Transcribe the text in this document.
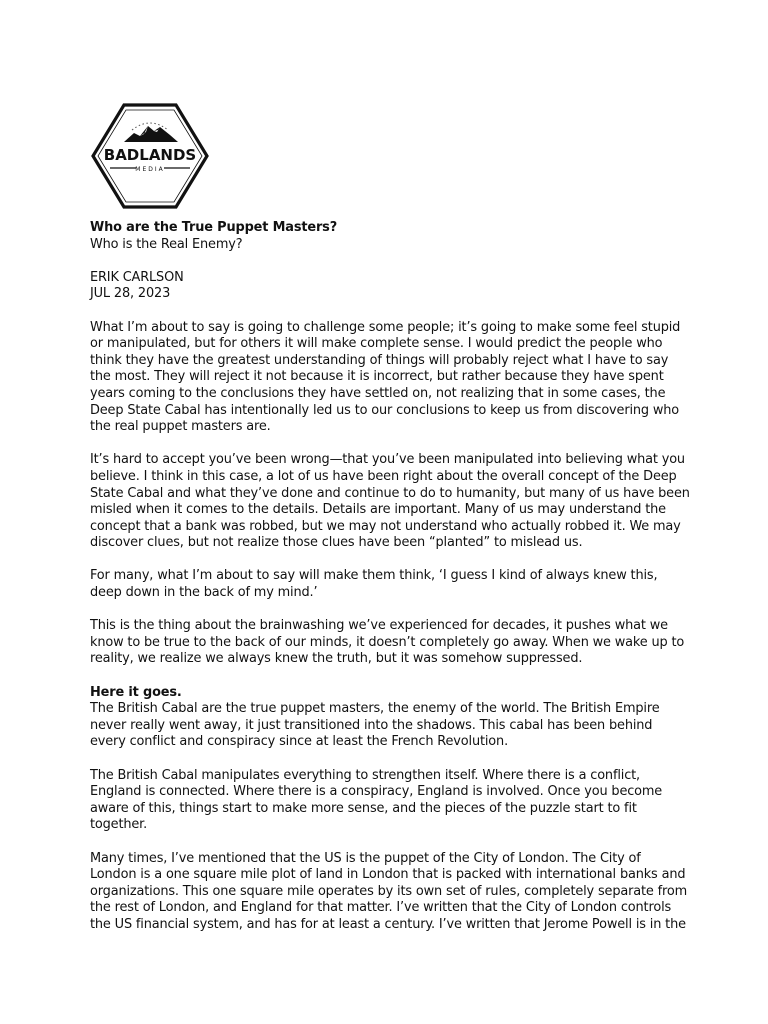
BADLANDS
MEDIA

Who are the True Puppet Masters?

Who is the Real Enemy?

ERIK CARLSON

JUL 28, 2023

What I’m about to say is going to challenge some people; it’s going to make some feel stupid or manipulated, but for others it will make complete sense. I would predict the people who think they have the greatest understanding of things will probably reject what I have to say the most. They will reject it not because it is incorrect, but rather because they have spent years coming to the conclusions they have settled on, not realizing that in some cases, the Deep State Cabal has intentionally led us to our conclusions to keep us from discovering who the real puppet masters are.

It’s hard to accept you’ve been wrong—that you’ve been manipulated into believing what you believe. I think in this case, a lot of us have been right about the overall concept of the Deep State Cabal and what they’ve done and continue to do to humanity, but many of us have been misled when it comes to the details. Details are important. Many of us may understand the concept that a bank was robbed, but we may not understand who actually robbed it. We may discover clues, but not realize those clues have been “planted” to mislead us.

For many, what I’m about to say will make them think, ‘I guess I kind of always knew this, deep down in the back of my mind.’

This is the thing about the brainwashing we’ve experienced for decades, it pushes what we know to be true to the back of our minds, it doesn’t completely go away. When we wake up to reality, we realize we always knew the truth, but it was somehow suppressed.

Here it goes.

The British Cabal are the true puppet masters, the enemy of the world. The British Empire never really went away, it just transitioned into the shadows. This cabal has been behind every conflict and conspiracy since at least the French Revolution.

The British Cabal manipulates everything to strengthen itself. Where there is a conflict, England is connected. Where there is a conspiracy, England is involved. Once you become aware of this, things start to make more sense, and the pieces of the puzzle start to fit together.

Many times, I’ve mentioned that the US is the puppet of the City of London. The City of London is a one square mile plot of land in London that is packed with international banks and organizations. This one square mile operates by its own set of rules, completely separate from the rest of London, and England for that matter. I’ve written that the City of London controls the US financial system, and has for at least a century. I’ve written that Jerome Powell is in the
